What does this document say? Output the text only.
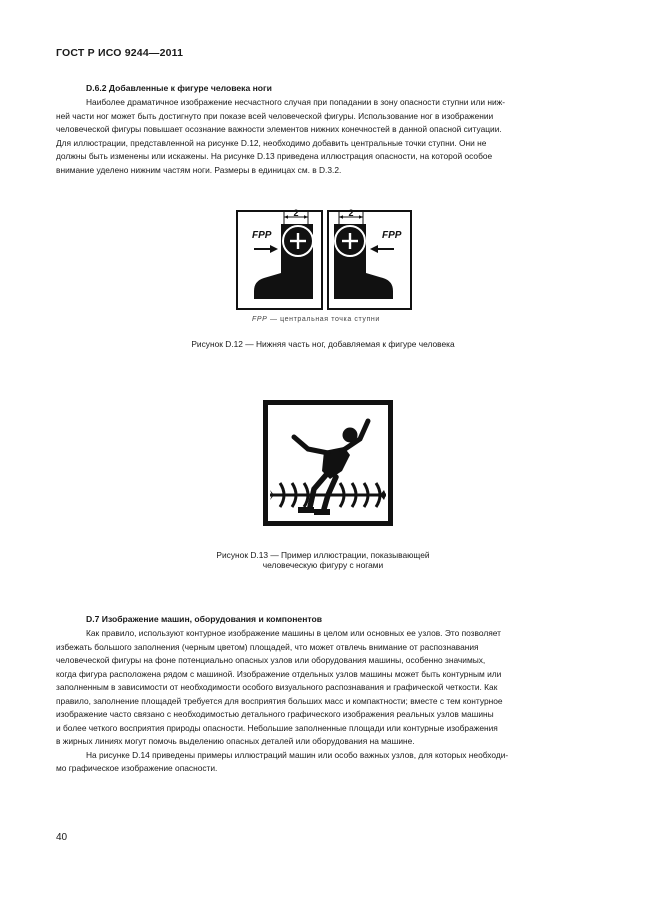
ГОСТ Р ИСО 9244—2011
D.6.2 Добавленные к фигуре человека ноги
Наиболее драматичное изображение несчастного случая при попадании в зону опасности ступни или ниж-
ней части ног может быть достигнуто при показе всей человеческой фигуры. Использование ног в изображении
человеческой фигуры повышает осознание важности элементов нижних конечностей в данной опасной ситуации.
Для иллюстрации, представленной на рисунке D.12, необходимо добавить центральные точки ступни. Они не
должны быть изменены или искажены. На рисунке D.13 приведена иллюстрация опасности, на которой особое
внимание уделено нижним частям ноги. Размеры в единицах см. в D.3.2.
2
FPP
2
FPP
FPP — центральная точка ступни
Рисунок D.12 — Нижняя часть ног, добавляемая к фигуре человека
Рисунок D.13 — Пример иллюстрации, показывающей
человеческую фигуру с ногами
D.7 Изображение машин, оборудования и компонентов
Как правило, используют контурное изображение машины в целом или основных ее узлов. Это позволяет
избежать большого заполнения (черным цветом) площадей, что может отвлечь внимание от распознавания
человеческой фигуры на фоне потенциально опасных узлов или оборудования машины, особенно значимых,
когда фигура расположена рядом с машиной. Изображение отдельных узлов машины может быть контурным или
заполненным в зависимости от необходимости особого визуального распознавания и графической четкости. Как
правило, заполнение площадей требуется для восприятия больших масс и компактности; вместе с тем контурное
изображение часто связано с необходимостью детального графического изображения реальных узлов машины
и более четкого восприятия природы опасности. Небольшие заполненные площади или контурные изображения
в жирных линиях могут помочь выделению опасных деталей или оборудования на машине.
На рисунке D.14 приведены примеры иллюстраций машин или особо важных узлов, для которых необходи-
мо графическое изображение опасности.
40
